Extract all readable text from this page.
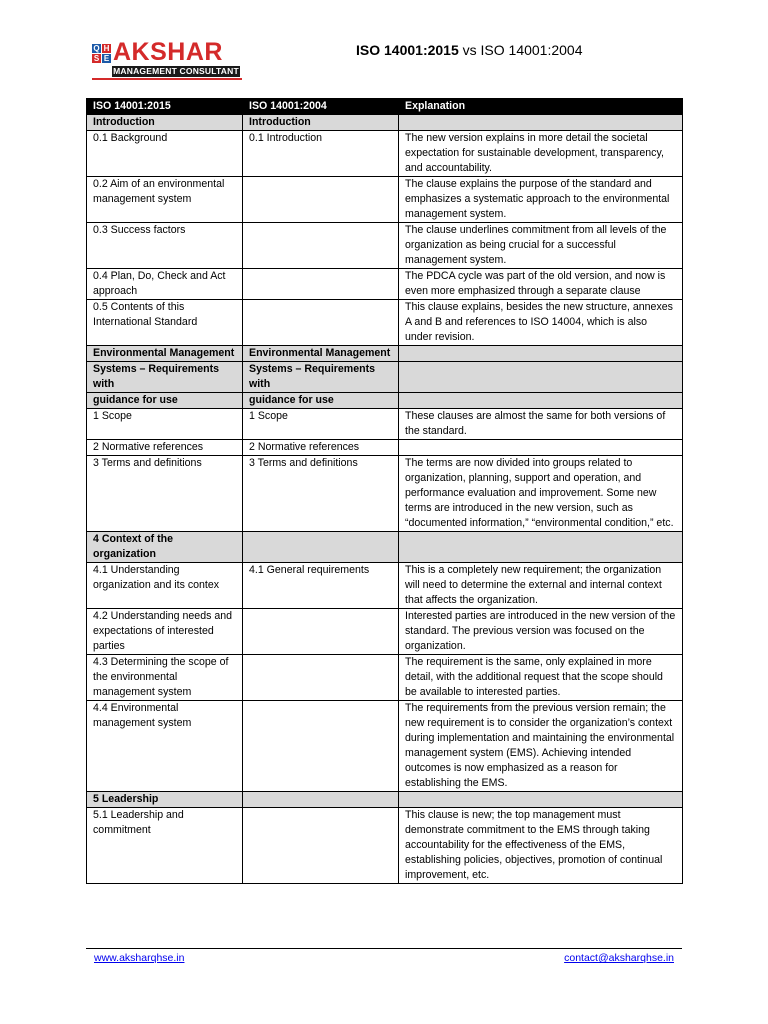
Q H
S E AKSHAR
MANAGEMENT CONSULTANT
ISO 14001:2015 vs ISO 14001:2004
ISO 14001:2015	ISO 14001:2004	Explanation
Introduction	Introduction	
0.1 Background	0.1 Introduction	The new version explains in more detail the societal expectation for sustainable development, transparency, and accountability.
0.2 Aim of an environmental management system		The clause explains the purpose of the standard and emphasizes a systematic approach to the environmental management system.
0.3 Success factors		The clause underlines commitment from all levels of the organization as being crucial for a successful management system.
0.4 Plan, Do, Check and Act approach		The PDCA cycle was part of the old version, and now is even more emphasized through a separate clause
0.5 Contents of this International Standard		This clause explains, besides the new structure, annexes A and B and references to ISO 14004, which is also under revision.
Environmental Management	Environmental Management	
Systems – Requirements with	Systems – Requirements with	
guidance for use	guidance for use	
1 Scope	1 Scope	These clauses are almost the same for both versions of the standard.
2 Normative references	2 Normative references	
3 Terms and definitions	3 Terms and definitions	The terms are now divided into groups related to organization, planning, support and operation, and performance evaluation and improvement. Some new terms are introduced in the new version, such as “documented information,” “environmental condition,” etc.
4 Context of the organization		
4.1 Understanding organization and its contex	4.1 General requirements	This is a completely new requirement; the organization will need to determine the external and internal context that affects the organization.
4.2 Understanding needs and expectations of interested parties		Interested parties are introduced in the new version of the standard. The previous version was focused on the organization.
4.3 Determining the scope of the environmental management system		The requirement is the same, only explained in more detail, with the additional request that the scope should be available to interested parties.
4.4 Environmental management system		The requirements from the previous version remain; the new requirement is to consider the organization’s context during implementation and maintaining the environmental management system (EMS). Achieving intended outcomes is now emphasized as a reason for establishing the EMS.
5 Leadership		
5.1 Leadership and commitment		This clause is new; the top management must demonstrate commitment to the EMS through taking accountability for the effectiveness of the EMS, establishing policies, objectives, promotion of continual improvement, etc.
www.aksharqhse.in	contact@aksharqhse.in
